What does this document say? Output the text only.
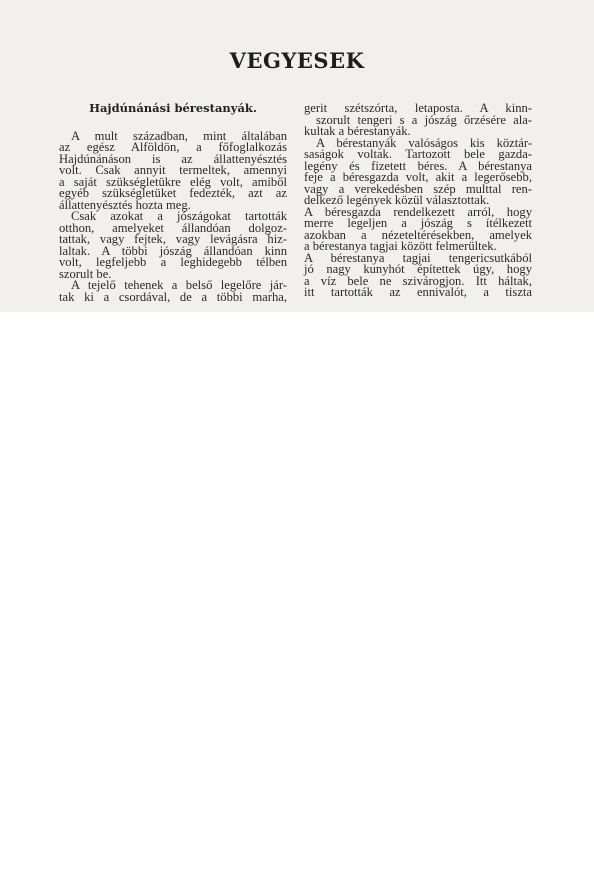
VEGYESEK
Hajdúnánási bérestanyák.
A mult században, mint általában
az egész Alföldön, a főfoglalkozás
Hajdúnánáson is az állattenyésztés
volt. Csak annyit termeltek, amennyi
a saját szükségletükre elég volt, amiből
egyéb szükségletüket fedezték, azt az
állattenyésztés hozta meg.
Csak azokat a jószágokat tartották
otthon, amelyeket állandóan dolgoz-
tattak, vagy fejtek, vagy levágásra hiz-
laltak. A többi jószág állandóan kinn
volt, legfeljebb a leghidegebb télben
szorult be.
A tejelő tehenek a belső legelőre jár-
tak ki a csordával, de a többi marha,
gerit szétszórta, letaposta. A kinn-
szorult tengeri s a jószág őrzésére ala-
kultak a bérestanyák.
A bérestanyák valóságos kis köztár-
saságok voltak. Tartozott bele gazda-
legény és fizetett béres. A bérestanya
feje a béresgazda volt, akit a legerősebb,
vagy a verekedésben szép multtal ren-
delkező legények közül választottak.
A béresgazda rendelkezett arról, hogy
merre legeljen a jószág s ítélkezett
azokban a nézeteltérésekben, amelyek
a bérestanya tagjai között felmerültek.
A bérestanya tagjai tengericsutkából
jó nagy kunyhót építettek úgy, hogy
a víz bele ne szivárogjon. Itt háltak,
itt tartották az ennivalót, a tiszta
